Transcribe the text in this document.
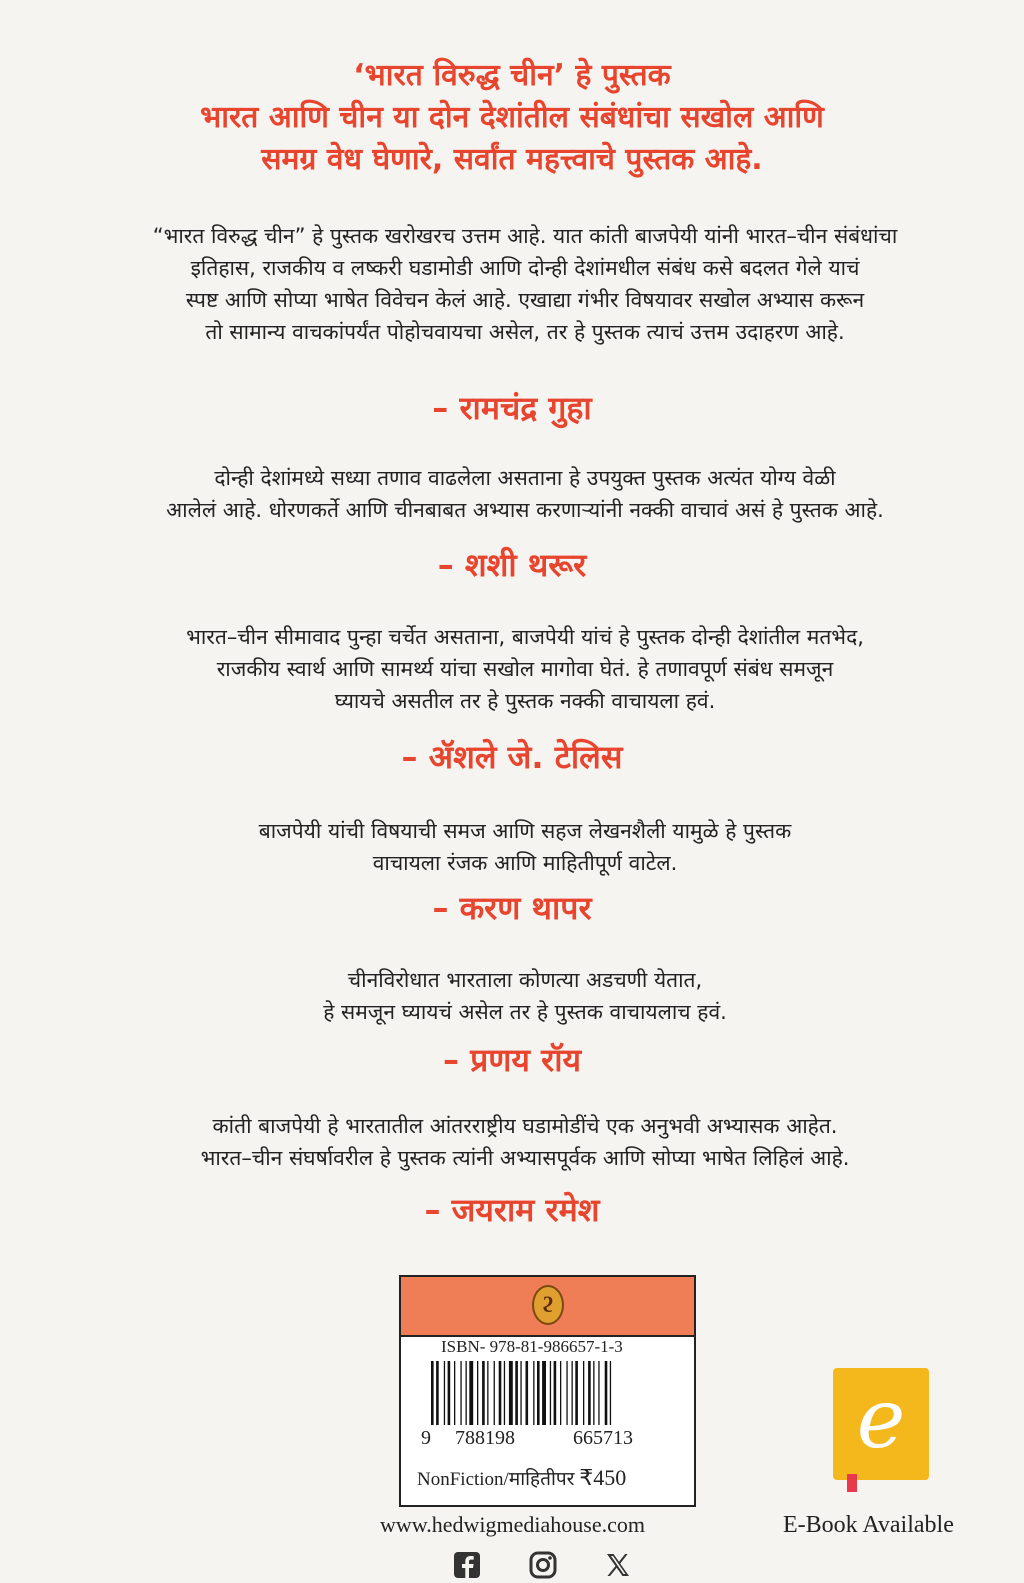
‘भारत विरुद्ध चीन’ हे पुस्तक
भारत आणि चीन या दोन देशांतील संबंधांचा सखोल आणि
समग्र वेध घेणारे, सर्वांत महत्त्वाचे पुस्तक आहे.
“भारत विरुद्ध चीन” हे पुस्तक खरोखरच उत्तम आहे. यात कांती बाजपेयी यांनी भारत–चीन संबंधांचा
इतिहास, राजकीय व लष्करी घडामोडी आणि दोन्ही देशांमधील संबंध कसे बदलत गेले याचं
स्पष्ट आणि सोप्या भाषेत विवेचन केलं आहे. एखाद्या गंभीर विषयावर सखोल अभ्यास करून
तो सामान्य वाचकांपर्यंत पोहोचवायचा असेल, तर हे पुस्तक त्याचं उत्तम उदाहरण आहे.
– रामचंद्र गुहा
दोन्ही देशांमध्ये सध्या तणाव वाढलेला असताना हे उपयुक्त पुस्तक अत्यंत योग्य वेळी
आलेलं आहे. धोरणकर्ते आणि चीनबाबत अभ्यास करणाऱ्यांनी नक्की वाचावं असं हे पुस्तक आहे.
– शशी थरूर
भारत–चीन सीमावाद पुन्हा चर्चेत असताना, बाजपेयी यांचं हे पुस्तक दोन्ही देशांतील मतभेद,
राजकीय स्वार्थ आणि सामर्थ्य यांचा सखोल मागोवा घेतं. हे तणावपूर्ण संबंध समजून
घ्यायचे असतील तर हे पुस्तक नक्की वाचायला हवं.
– ॲशले जे. टेलिस
बाजपेयी यांची विषयाची समज आणि सहज लेखनशैली यामुळे हे पुस्तक
वाचायला रंजक आणि माहितीपूर्ण वाटेल.
– करण थापर
चीनविरोधात भारताला कोणत्या अडचणी येतात,
हे समजून घ्यायचं असेल तर हे पुस्तक वाचायलाच हवं.
– प्रणय रॉय
कांती बाजपेयी हे भारतातील आंतरराष्ट्रीय घडामोडींचे एक अनुभवी अभ्यासक आहेत.
भारत–चीन संघर्षावरील हे पुस्तक त्यांनी अभ्यासपूर्वक आणि सोप्या भाषेत लिहिलं आहे.
– जयराम रमेश
ϩ
ISBN- 978-81-986657-1-3
9 788198	665713
NonFiction/माहितीपर ₹450
www.hedwigmediahouse.com
e
E-Book Available
